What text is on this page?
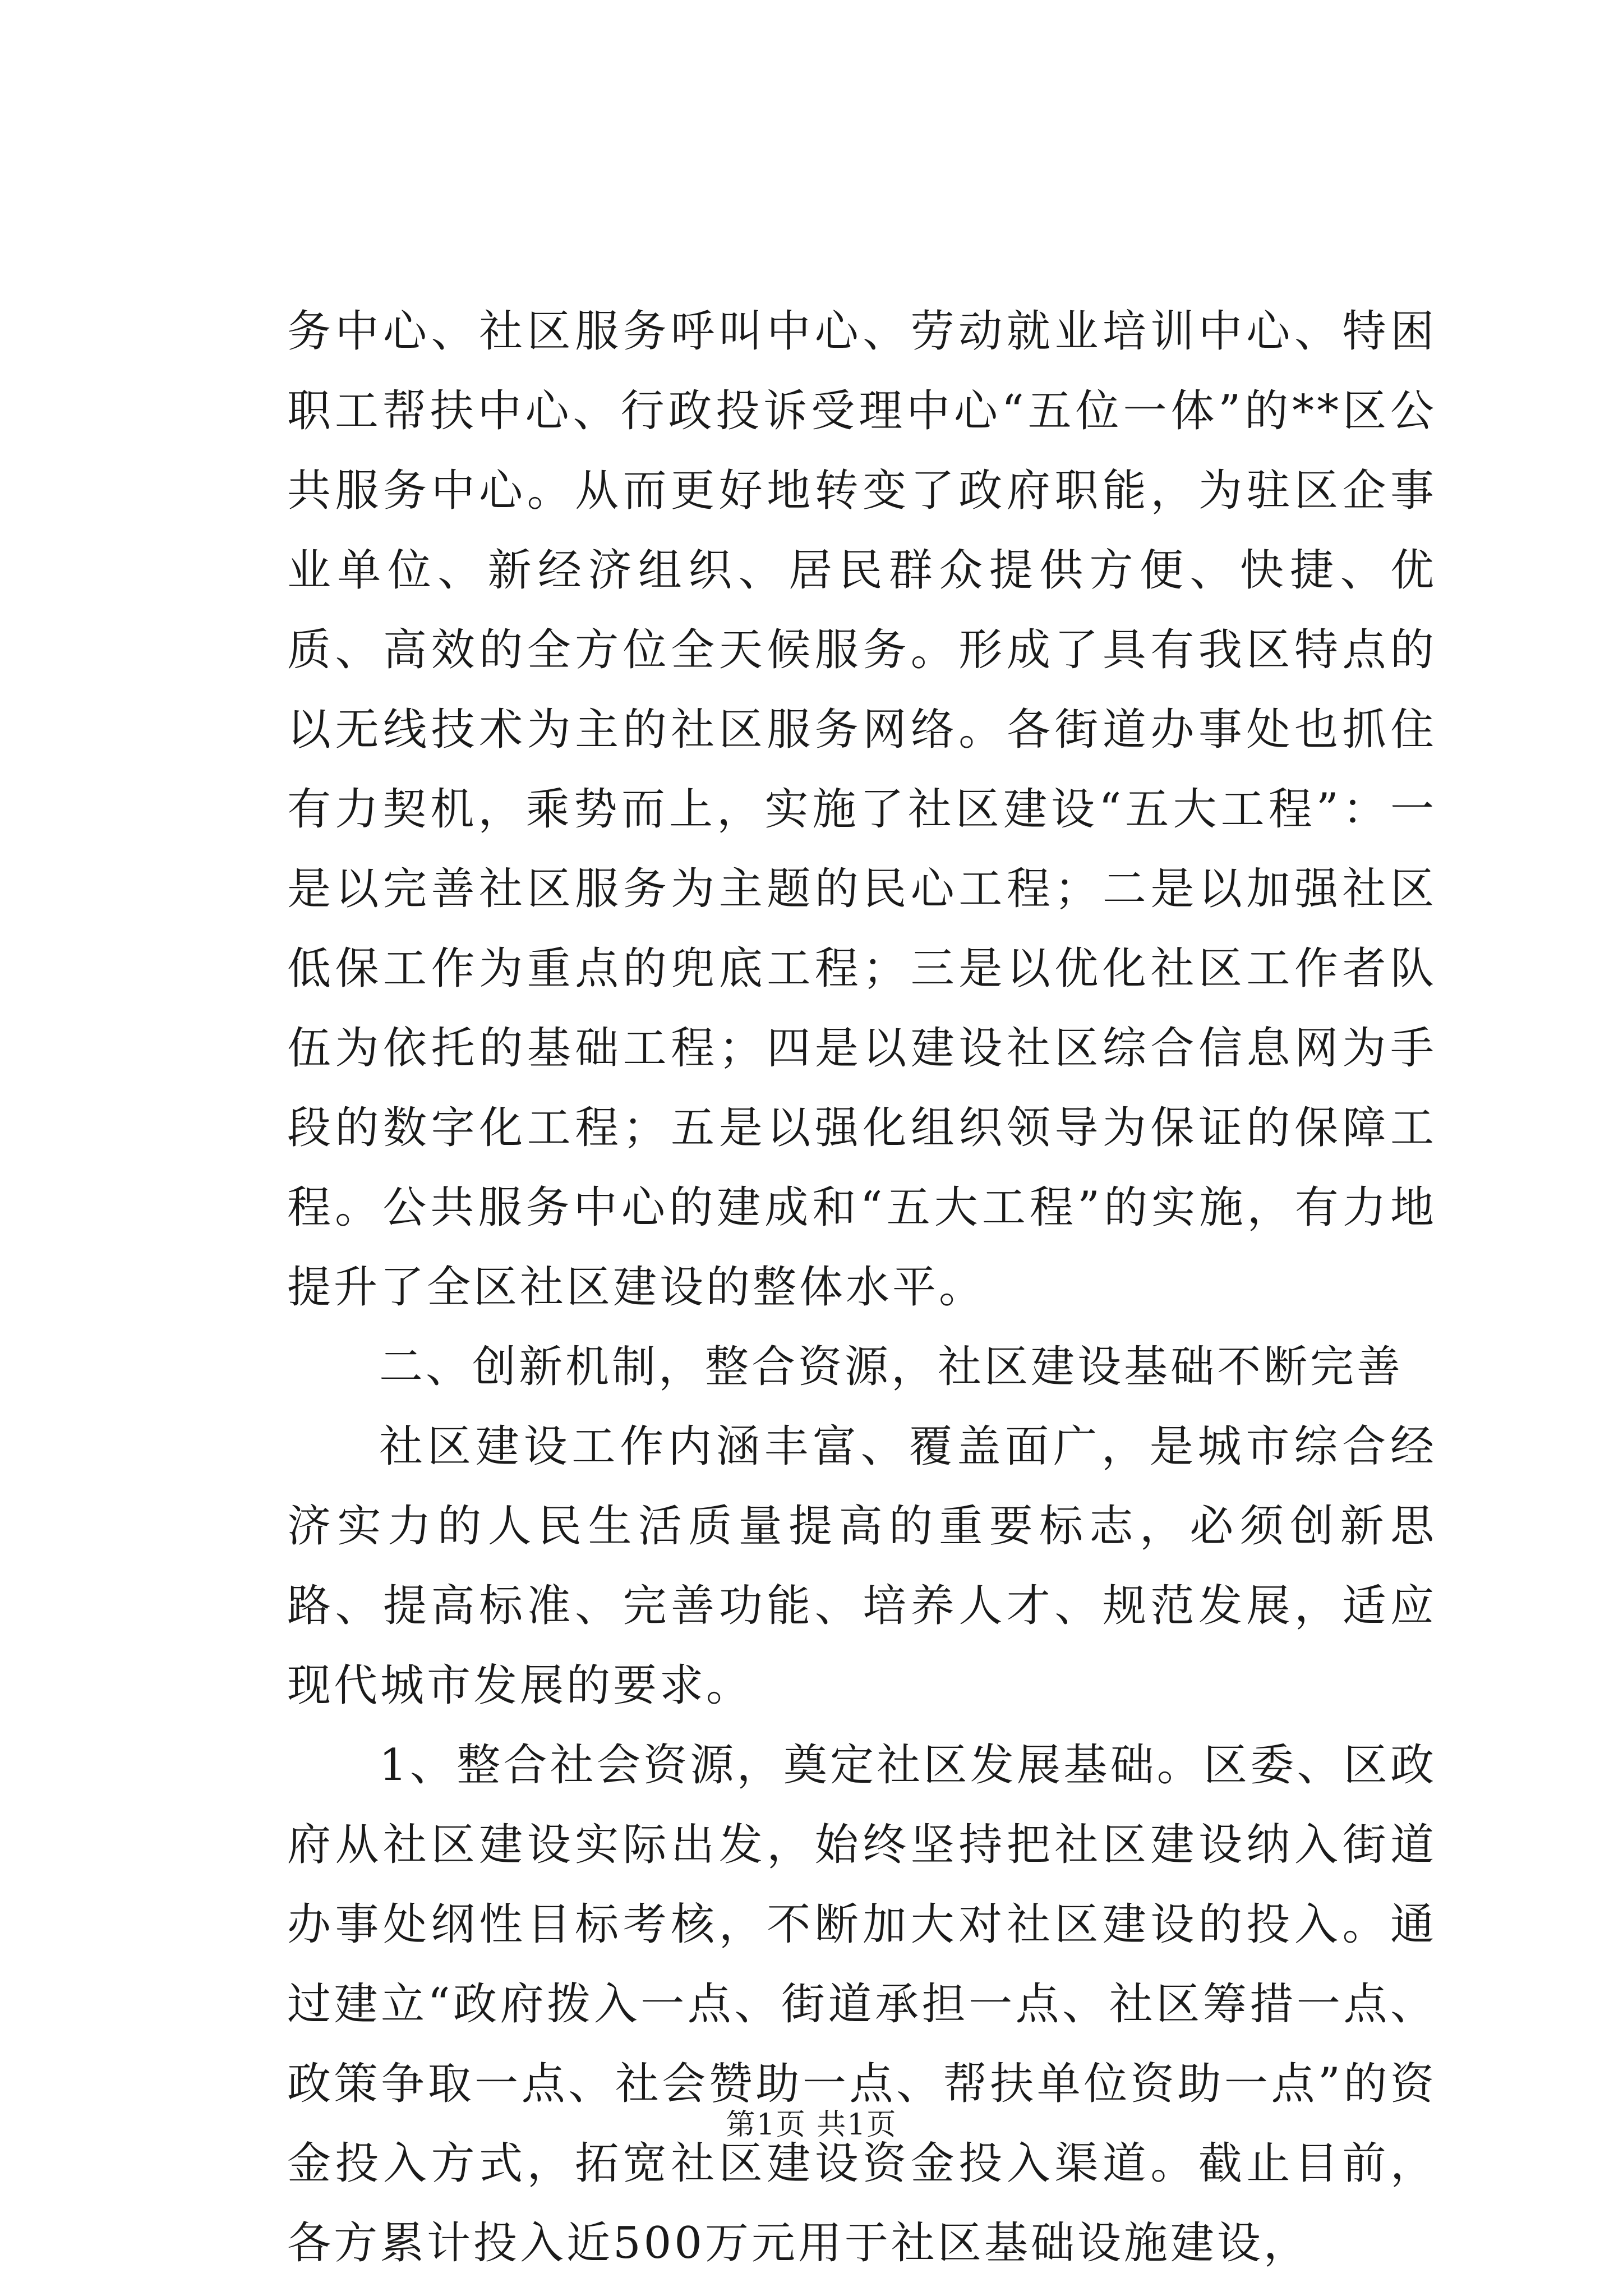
务中心、社区服务呼叫中心、劳动就业培训中心、特困职工帮扶中心、行政投诉受理中心“五位一体”的**区公共服务中心。从而更好地转变了政府职能，为驻区企事业单位、新经济组织、居民群众提供方便、快捷、优质、高效的全方位全天候服务。形成了具有我区特点的以无线技术为主的社区服务网络。各街道办事处也抓住有力契机，乘势而上，实施了社区建设“五大工程”：一是以完善社区服务为主题的民心工程；二是以加强社区低保工作为重点的兜底工程；三是以优化社区工作者队伍为依托的基础工程；四是以建设社区综合信息网为手段的数字化工程；五是以强化组织领导为保证的保障工程。公共服务中心的建成和“五大工程”的实施，有力地提升了全区社区建设的整体水平。

二、创新机制，整合资源，社区建设基础不断完善

社区建设工作内涵丰富、覆盖面广，是城市综合经济实力的人民生活质量提高的重要标志，必须创新思路、提高标准、完善功能、培养人才、规范发展，适应现代城市发展的要求。

1、整合社会资源，奠定社区发展基础。区委、区政府从社区建设实际出发，始终坚持把社区建设纳入街道办事处纲性目标考核，不断加大对社区建设的投入。通过建立“政府拨入一点、街道承担一点、社区筹措一点、政策争取一点、社会赞助一点、帮扶单位资助一点”的资金投入方式，拓宽社区建设资金投入渠道。截止目前，各方累计投入近500万元用于社区基础设施建设，

第1页 共1页
